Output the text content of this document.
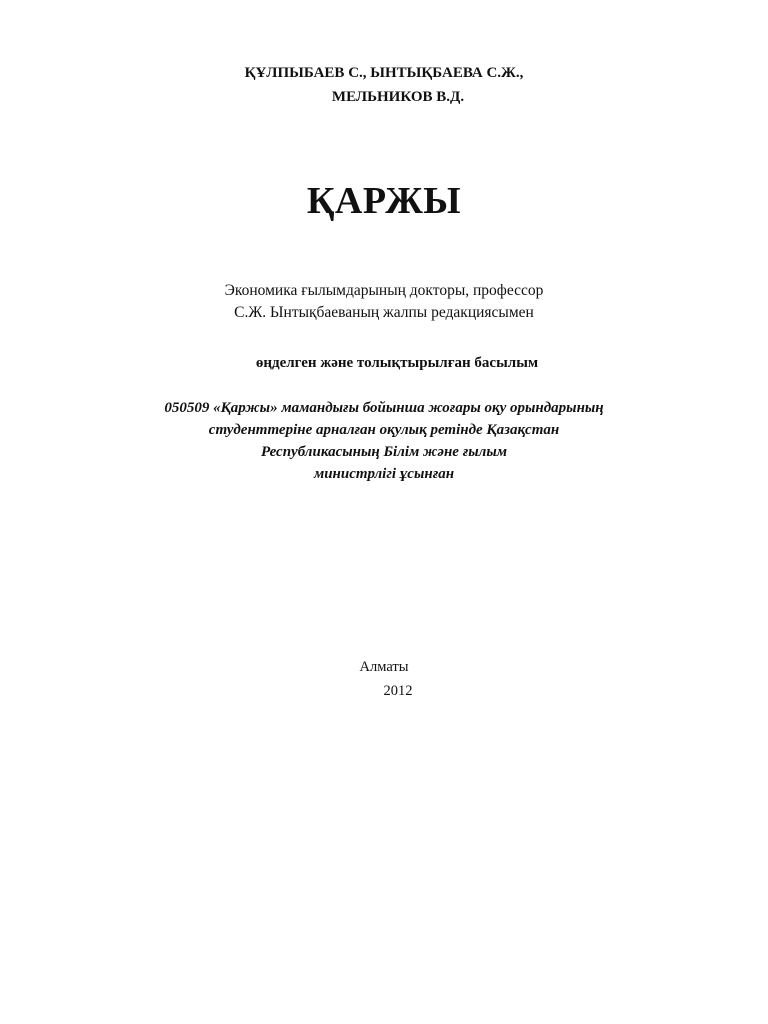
ҚҰЛПЫБАЕВ С., ЫНТЫҚБАЕВА С.Ж.,
МЕЛЬНИКОВ В.Д.
ҚАРЖЫ
Экономика ғылымдарының докторы, профессор
С.Ж. Ынтықбаеваның жалпы редакциясымен
өңделген және толықтырылған басылым
050509 «Қаржы» мамандығы бойынша жоғары оқу орындарының
студенттеріне арналған оқулық ретінде Қазақстан
Республикасының Білім және ғылым
министрлігі ұсынған
Алматы
2012
